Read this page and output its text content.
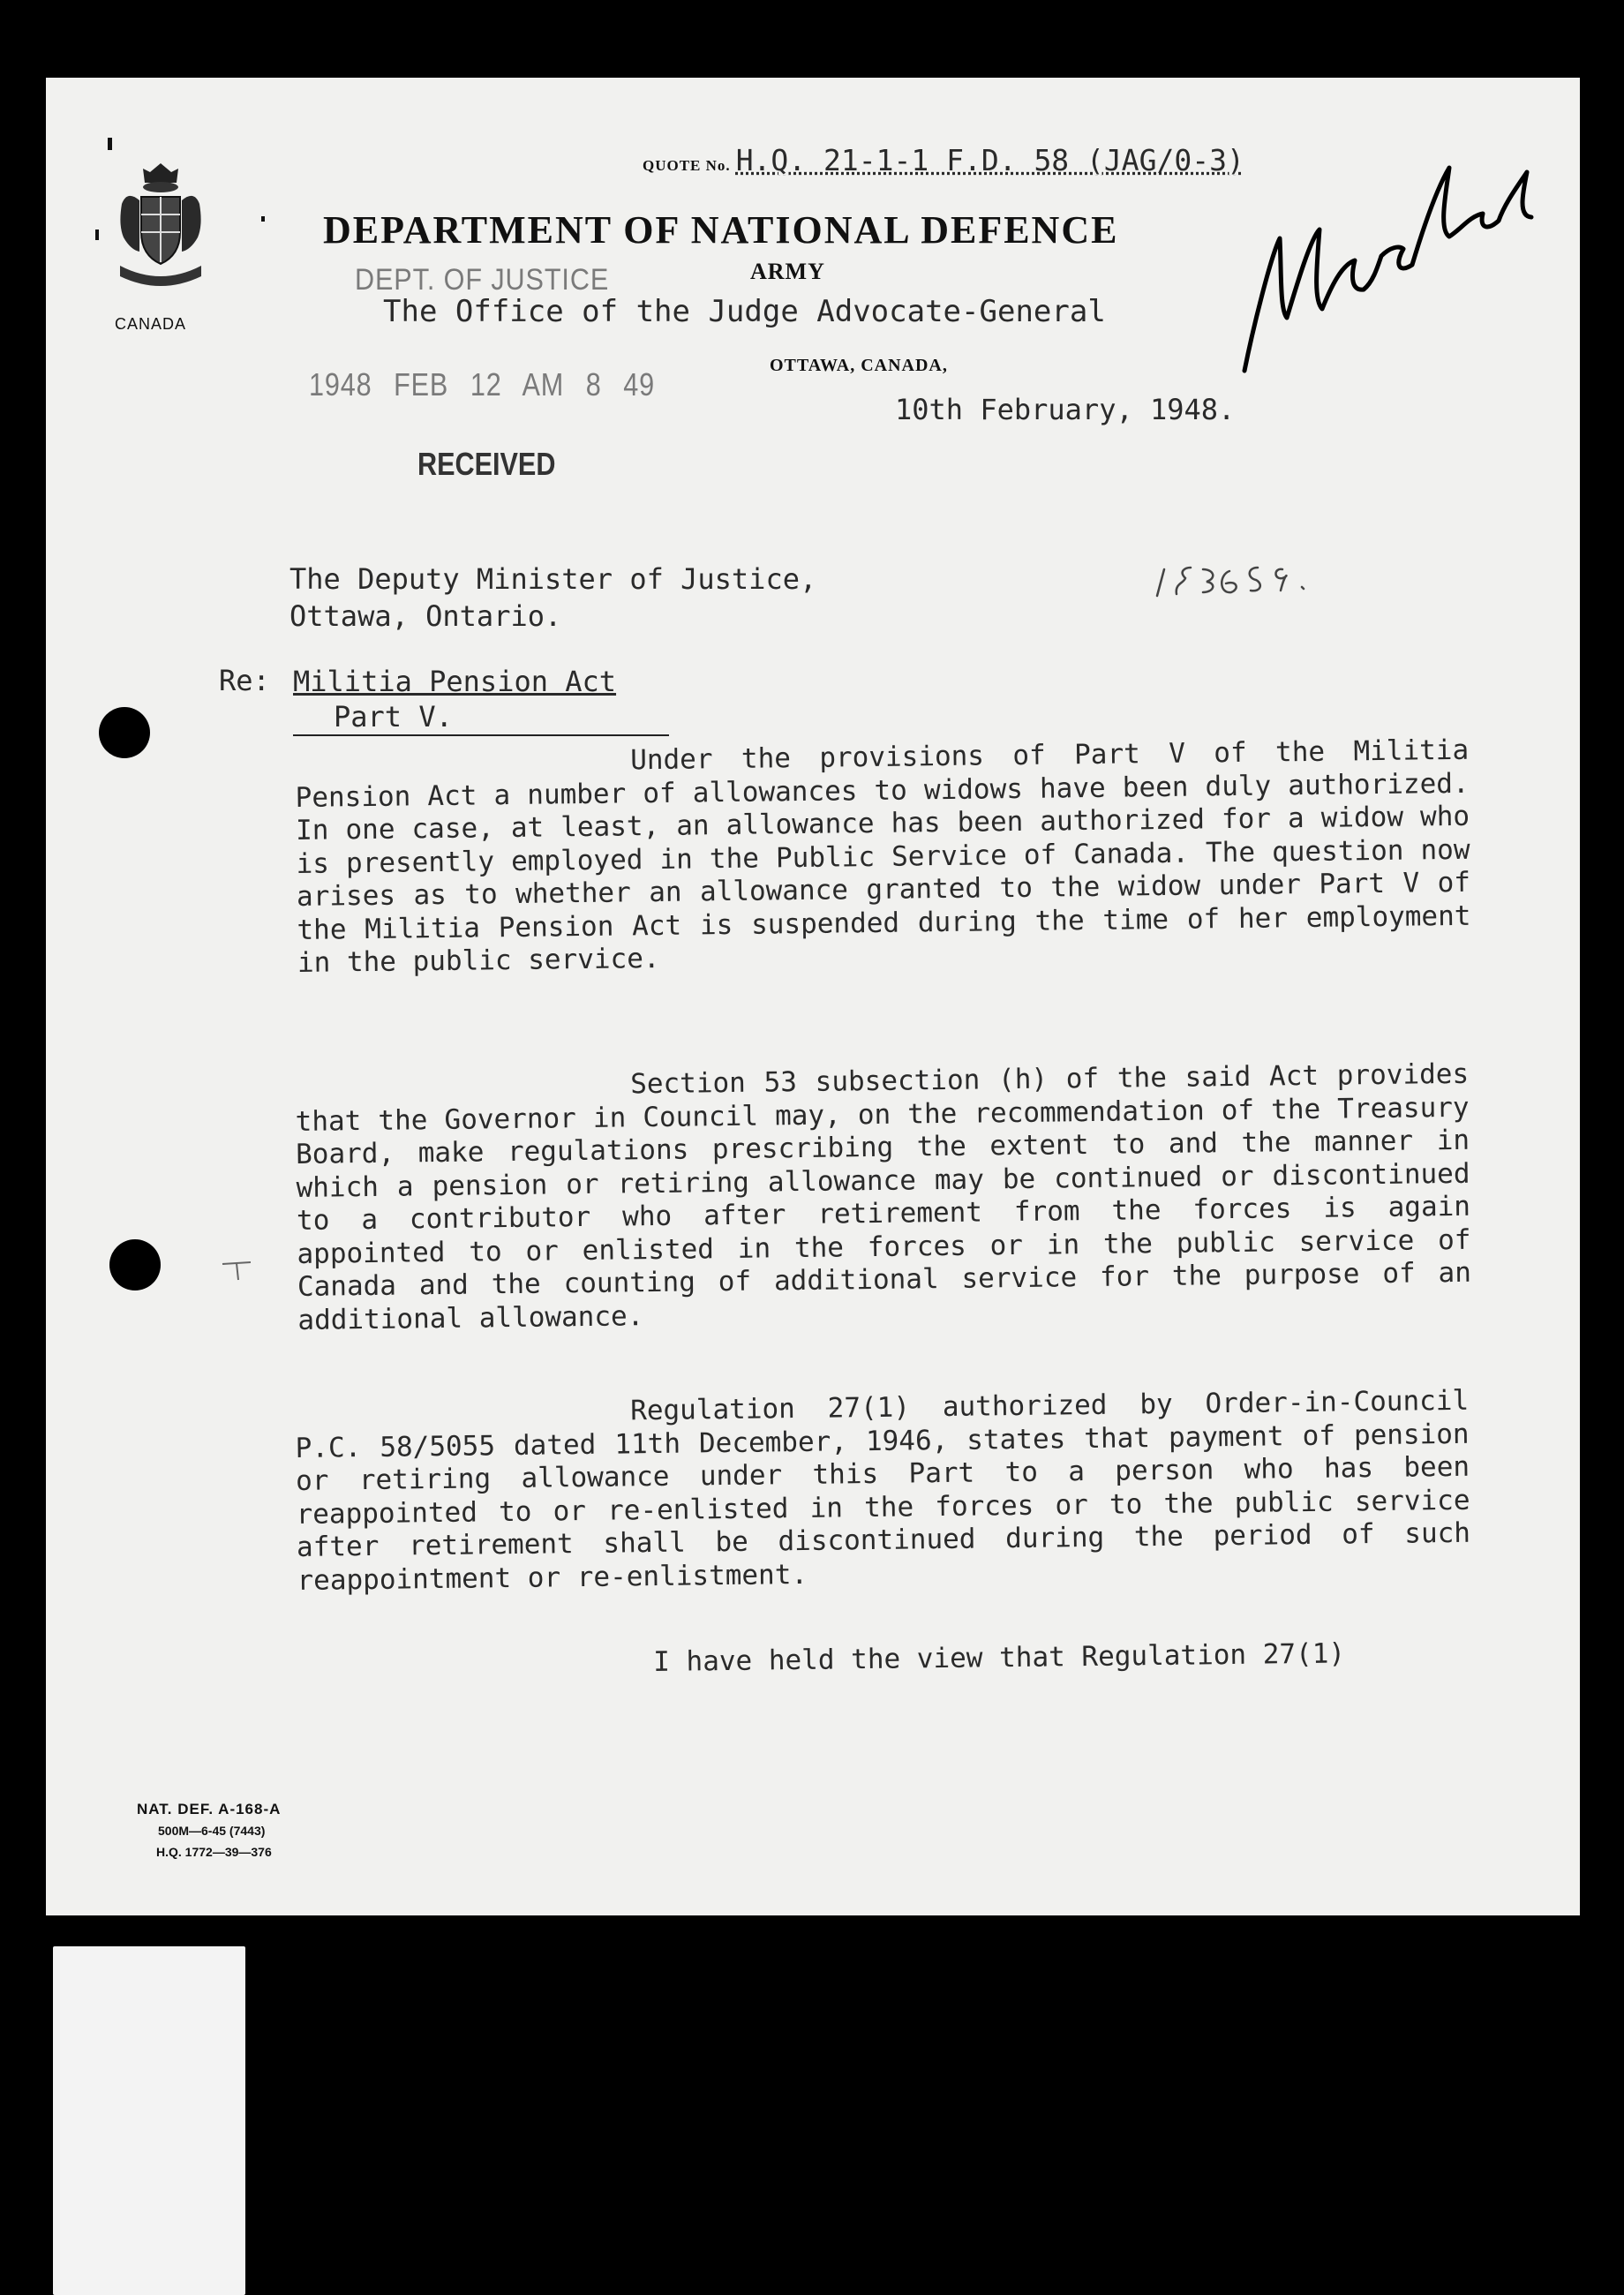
QUOTE No. H.Q. 21-1-1 F.D. 58 (JAG/0-3)
CANADA
DEPARTMENT OF NATIONAL DEFENCE
ARMY
The Office of the Judge Advocate-General
OTTAWA, CANADA,
10th February, 1948.
DEPT. OF JUSTICE
1948 FEB 12 AM 8 49
RECEIVED
The Deputy Minister of Justice,
Ottawa, Ontario.
Re: Militia Pension Act
Part V.

Under the provisions of Part V of the Militia Pension Act a number of allowances to widows have been duly authorized. In one case, at least, an allowance has been authorized for a widow who is presently employed in the Public Service of Canada. The question now arises as to whether an allowance granted to the widow under Part V of the Militia Pension Act is suspended during the time of her employment in the public service.

Section 53 subsection (h) of the said Act provides that the Governor in Council may, on the recommendation of the Treasury Board, make regulations prescribing the extent to and the manner in which a pension or retiring allowance may be continued or discontinued to a contributor who after retirement from the forces is again appointed to or enlisted in the forces or in the public service of Canada and the counting of additional service for the purpose of an additional allowance.

Regulation 27(1) authorized by Order-in-Council P.C. 58/5055 dated 11th December, 1946, states that payment of pension or retiring allowance under this Part to a person who has been reappointed to or re-enlisted in the forces or to the public service after retirement shall be discontinued during the period of such reappointment or re-enlistment.

I have held the view that Regulation 27(1)
NAT. DEF. A-168-A
500M—6-45 (7443)
H.Q. 1772—39—376
